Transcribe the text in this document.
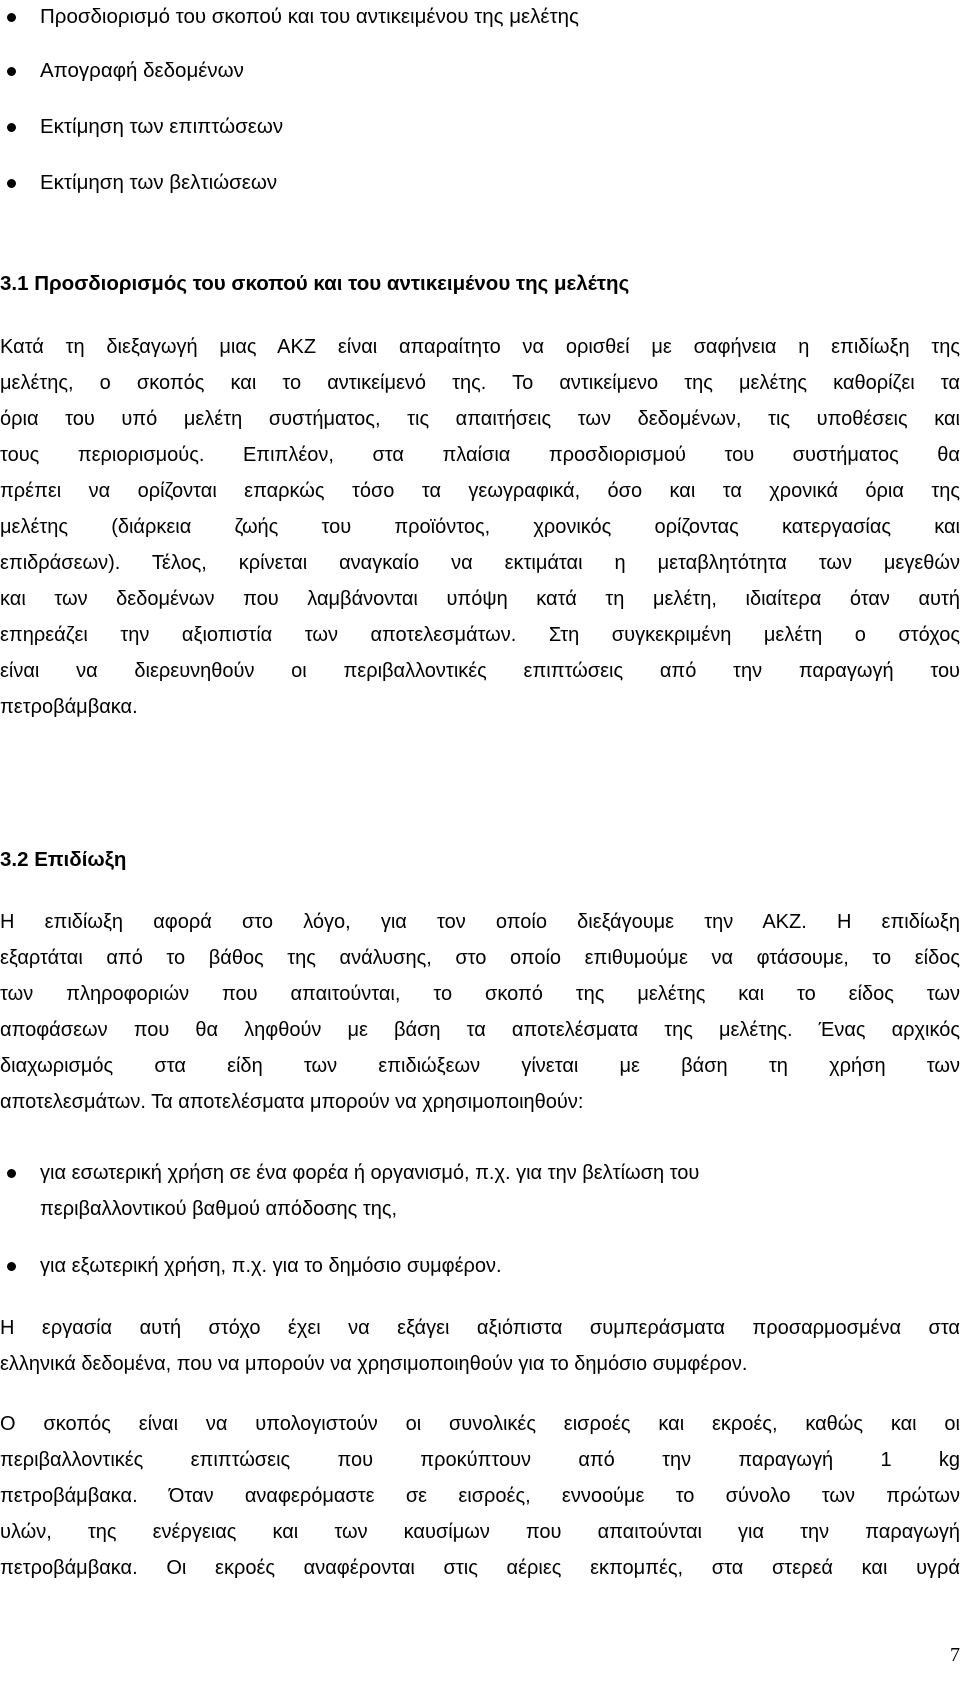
Προσδιορισμό του σκοπού και του αντικειμένου της μελέτης
Απογραφή δεδομένων
Εκτίμηση των επιπτώσεων
Εκτίμηση των βελτιώσεων
3.1 Προσδιορισμός του σκοπού και του αντικειμένου της μελέτης
Κατά τη διεξαγωγή μιας ΑΚΖ είναι απαραίτητο να ορισθεί με σαφήνεια η επιδίωξη της
μελέτης, ο σκοπός και το αντικείμενό της. Το αντικείμενο της μελέτης καθορίζει τα
όρια του υπό μελέτη συστήματος, τις απαιτήσεις των δεδομένων, τις υποθέσεις και
τους περιορισμούς. Επιπλέον, στα πλαίσια προσδιορισμού του συστήματος θα
πρέπει να ορίζονται επαρκώς τόσο τα γεωγραφικά, όσο και τα χρονικά όρια της
μελέτης (διάρκεια ζωής του προϊόντος, χρονικός ορίζοντας κατεργασίας και
επιδράσεων). Τέλος, κρίνεται αναγκαίο να εκτιμάται η μεταβλητότητα των μεγεθών
και των δεδομένων που λαμβάνονται υπόψη κατά τη μελέτη, ιδιαίτερα όταν αυτή
επηρεάζει την αξιοπιστία των αποτελεσμάτων. Στη συγκεκριμένη μελέτη ο στόχος
είναι να διερευνηθούν οι περιβαλλοντικές επιπτώσεις από την παραγωγή του
πετροβάμβακα.
3.2 Επιδίωξη
Η επιδίωξη αφορά στο λόγο, για τον οποίο διεξάγουμε την ΑΚΖ. Η επιδίωξη
εξαρτάται από το βάθος της ανάλυσης, στο οποίο επιθυμούμε να φτάσουμε, το είδος
των πληροφοριών που απαιτούνται, το σκοπό της μελέτης και το είδος των
αποφάσεων που θα ληφθούν με βάση τα αποτελέσματα της μελέτης. Ένας αρχικός
διαχωρισμός στα είδη των επιδιώξεων γίνεται με βάση τη χρήση των
αποτελεσμάτων. Τα αποτελέσματα μπορούν να χρησιμοποιηθούν:
για εσωτερική χρήση σε ένα φορέα ή οργανισμό, π.χ. για την βελτίωση του
περιβαλλοντικού βαθμού απόδοσης της,
για εξωτερική χρήση, π.χ. για το δημόσιο συμφέρον.
Η εργασία αυτή στόχο έχει να εξάγει αξιόπιστα συμπεράσματα προσαρμοσμένα στα
ελληνικά δεδομένα, που να μπορούν να χρησιμοποιηθούν για το δημόσιο συμφέρον.
Ο σκοπός είναι να υπολογιστούν οι συνολικές εισροές και εκροές, καθώς και οι
περιβαλλοντικές επιπτώσεις που προκύπτουν από την παραγωγή 1 kg
πετροβάμβακα. Όταν αναφερόμαστε σε εισροές, εννοούμε το σύνολο των πρώτων
υλών, της ενέργειας και των καυσίμων που απαιτούνται για την παραγωγή
πετροβάμβακα. Οι εκροές αναφέρονται στις αέριες εκπομπές, στα στερεά και υγρά
7
